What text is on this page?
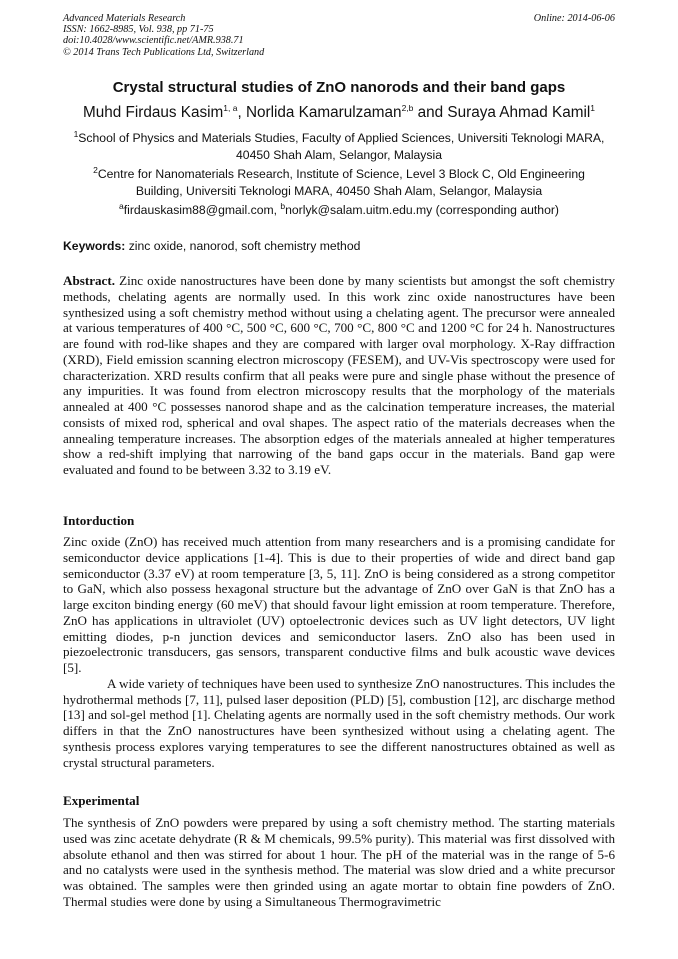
Advanced Materials Research
ISSN: 1662-8985, Vol. 938, pp 71-75
doi:10.4028/www.scientific.net/AMR.938.71
© 2014 Trans Tech Publications Ltd, Switzerland
Online: 2014-06-06
Crystal structural studies of ZnO nanorods and their band gaps
Muhd Firdaus Kasim$^{1, a}$, Norlida Kamarulzaman$^{2,b}$ and Suraya Ahmad Kamil$^1$
$^1$School of Physics and Materials Studies, Faculty of Applied Sciences, Universiti Teknologi MARA,
40450 Shah Alam, Selangor, Malaysia
$^2$Centre for Nanomaterials Research, Institute of Science, Level 3 Block C, Old Engineering
Building, Universiti Teknologi MARA, 40450 Shah Alam, Selangor, Malaysia
$^a$firdauskasim88@gmail.com, $^b$norlyk@salam.uitm.edu.my (corresponding author)
Keywords: zinc oxide, nanorod, soft chemistry method

Abstract. Zinc oxide nanostructures have been done by many scientists but amongst the soft chemistry methods, chelating agents are normally used. In this work zinc oxide nanostructures have been synthesized using a soft chemistry method without using a chelating agent. The precursor were annealed at various temperatures of 400 °C, 500 °C, 600 °C, 700 °C, 800 °C and 1200 °C for 24 h. Nanostructures are found with rod-like shapes and they are compared with larger oval morphology. X-Ray diffraction (XRD), Field emission scanning electron microscopy (FESEM), and UV-Vis spectroscopy were used for characterization. XRD results confirm that all peaks were pure and single phase without the presence of any impurities. It was found from electron microscopy results that the morphology of the materials annealed at 400 °C possesses nanorod shape and as the calcination temperature increases, the material consists of mixed rod, spherical and oval shapes. The aspect ratio of the materials decreases when the annealing temperature increases. The absorption edges of the materials annealed at higher temperatures show a red-shift implying that narrowing of the band gaps occur in the materials. Band gap were evaluated and found to be between 3.32 to 3.19 eV.

Intorduction

Zinc oxide (ZnO) has received much attention from many researchers and is a promising candidate for semiconductor device applications [1-4]. This is due to their properties of wide and direct band gap semiconductor (3.37 eV) at room temperature [3, 5, 11]. ZnO is being considered as a strong competitor to GaN, which also possess hexagonal structure but the advantage of ZnO over GaN is that ZnO has a large exciton binding energy (60 meV) that should favour light emission at room temperature. Therefore, ZnO has applications in ultraviolet (UV) optoelectronic devices such as UV light detectors, UV light emitting diodes, p-n junction devices and semiconductor lasers. ZnO also has been used in piezoelectronic transducers, gas sensors, transparent conductive films and bulk acoustic wave devices [5].

A wide variety of techniques have been used to synthesize ZnO nanostructures. This includes the hydrothermal methods [7, 11], pulsed laser deposition (PLD) [5], combustion [12], arc discharge method [13] and sol-gel method [1]. Chelating agents are normally used in the soft chemistry methods. Our work differs in that the ZnO nanostructures have been synthesized without using a chelating agent. The synthesis process explores varying temperatures to see the different nanostructures obtained as well as crystal structural parameters.

Experimental

The synthesis of ZnO powders were prepared by using a soft chemistry method. The starting materials used was zinc acetate dehydrate (R & M chemicals, 99.5% purity). This material was first dissolved with absolute ethanol and then was stirred for about 1 hour. The pH of the material was in the range of 5-6 and no catalysts were used in the synthesis method. The material was slow dried and a white precursor was obtained. The samples were then grinded using an agate mortar to obtain fine powders of ZnO. Thermal studies were done by using a Simultaneous Thermogravimetric
